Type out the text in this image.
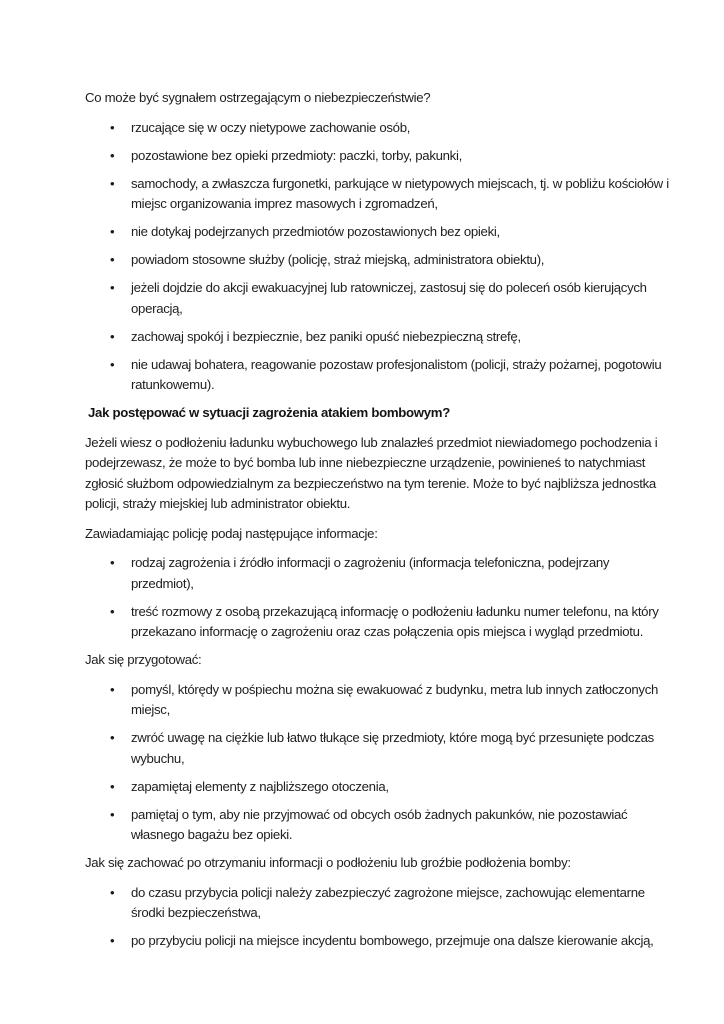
Co może być sygnałem ostrzegającym o niebezpieczeństwie?

•	rzucające się w oczy nietypowe zachowanie osób,
•	pozostawione bez opieki przedmioty: paczki, torby, pakunki,
•	samochody, a zwłaszcza furgonetki, parkujące w nietypowych miejscach, tj. w pobliżu kościołów i miejsc organizowania imprez masowych i zgromadzeń,
•	nie dotykaj podejrzanych przedmiotów pozostawionych bez opieki,
•	powiadom stosowne służby (policję, straż miejską, administratora obiektu),
•	jeżeli dojdzie do akcji ewakuacyjnej lub ratowniczej, zastosuj się do poleceń osób kierujących operacją,
•	zachowaj spokój i bezpiecznie, bez paniki opuść niebezpieczną strefę,
•	nie udawaj bohatera, reagowanie pozostaw profesjonalistom (policji, straży pożarnej, pogotowiu ratunkowemu).
Jak postępować w sytuacji zagrożenia atakiem bombowym?

Jeżeli wiesz o podłożeniu ładunku wybuchowego lub znalazłeś przedmiot niewiadomego pochodzenia i podejrzewasz, że może to być bomba lub inne niebezpieczne urządzenie, powinieneś to natychmiast zgłosić służbom odpowiedzialnym za bezpieczeństwo na tym terenie. Może to być najbliższa jednostka policji, straży miejskiej lub administrator obiektu.

Zawiadamiając policję podaj następujące informacje:

•	rodzaj zagrożenia i źródło informacji o zagrożeniu (informacja telefoniczna, podejrzany przedmiot),
•	treść rozmowy z osobą przekazującą informację o podłożeniu ładunku numer telefonu, na który przekazano informację o zagrożeniu oraz czas połączenia opis miejsca i wygląd przedmiotu.

Jak się przygotować:

•	pomyśl, którędy w pośpiechu można się ewakuować z budynku, metra lub innych zatłoczonych miejsc,
•	zwróć uwagę na ciężkie lub łatwo tłukące się przedmioty, które mogą być przesunięte podczas wybuchu,
•	zapamiętaj elementy z najbliższego otoczenia,
•	pamiętaj o tym, aby nie przyjmować od obcych osób żadnych pakunków, nie pozostawiać własnego bagażu bez opieki.

Jak się zachować po otrzymaniu informacji o podłożeniu lub groźbie podłożenia bomby:

•	do czasu przybycia policji należy zabezpieczyć zagrożone miejsce, zachowując elementarne środki bezpieczeństwa,
•	po przybyciu policji na miejsce incydentu bombowego, przejmuje ona dalsze kierowanie akcją,
